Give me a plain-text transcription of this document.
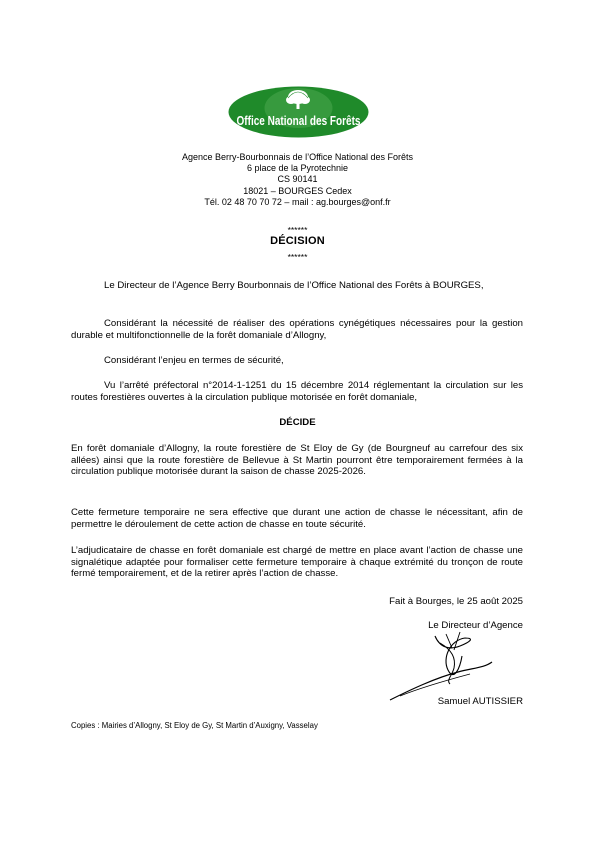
Office National des Forêts
Agence Berry-Bourbonnais de l’Office National des Forêts
6 place de la Pyrotechnie
CS 90141
18021 – BOURGES Cedex
Tél. 02 48 70 70 72 – mail : ag.bourges@onf.fr
******
DÉCISION
******
Le Directeur de l’Agence Berry Bourbonnais de l’Office National des Forêts à BOURGES,
Considérant la nécessité de réaliser des opérations cynégétiques nécessaires pour la gestion durable et multifonctionnelle de la forêt domaniale d’Allogny,
Considérant l’enjeu en termes de sécurité,
Vu l’arrêté préfectoral n°2014-1-1251 du 15 décembre 2014 réglementant la circulation sur les routes forestières ouvertes à la circulation publique motorisée en forêt domaniale,
DÉCIDE
En forêt domaniale d’Allogny, la route forestière de St Eloy de Gy (de Bourgneuf au carrefour des six allées) ainsi que la route forestière de Bellevue à St Martin pourront être temporairement fermées à la circulation publique motorisée durant la saison de chasse 2025-2026.
Cette fermeture temporaire ne sera effective que durant une action de chasse le nécessitant, afin de permettre le déroulement de cette action de chasse en toute sécurité.
L’adjudicataire de chasse en forêt domaniale est chargé de mettre en place avant l’action de chasse une signalétique adaptée pour formaliser cette fermeture temporaire à chaque extrémité du tronçon de route fermé temporairement, et de la retirer après l’action de chasse.
Fait à Bourges, le 25 août 2025
Le Directeur d’Agence
Samuel AUTISSIER
Copies : Mairies d’Allogny, St Eloy de Gy, St Martin d’Auxigny, Vasselay
